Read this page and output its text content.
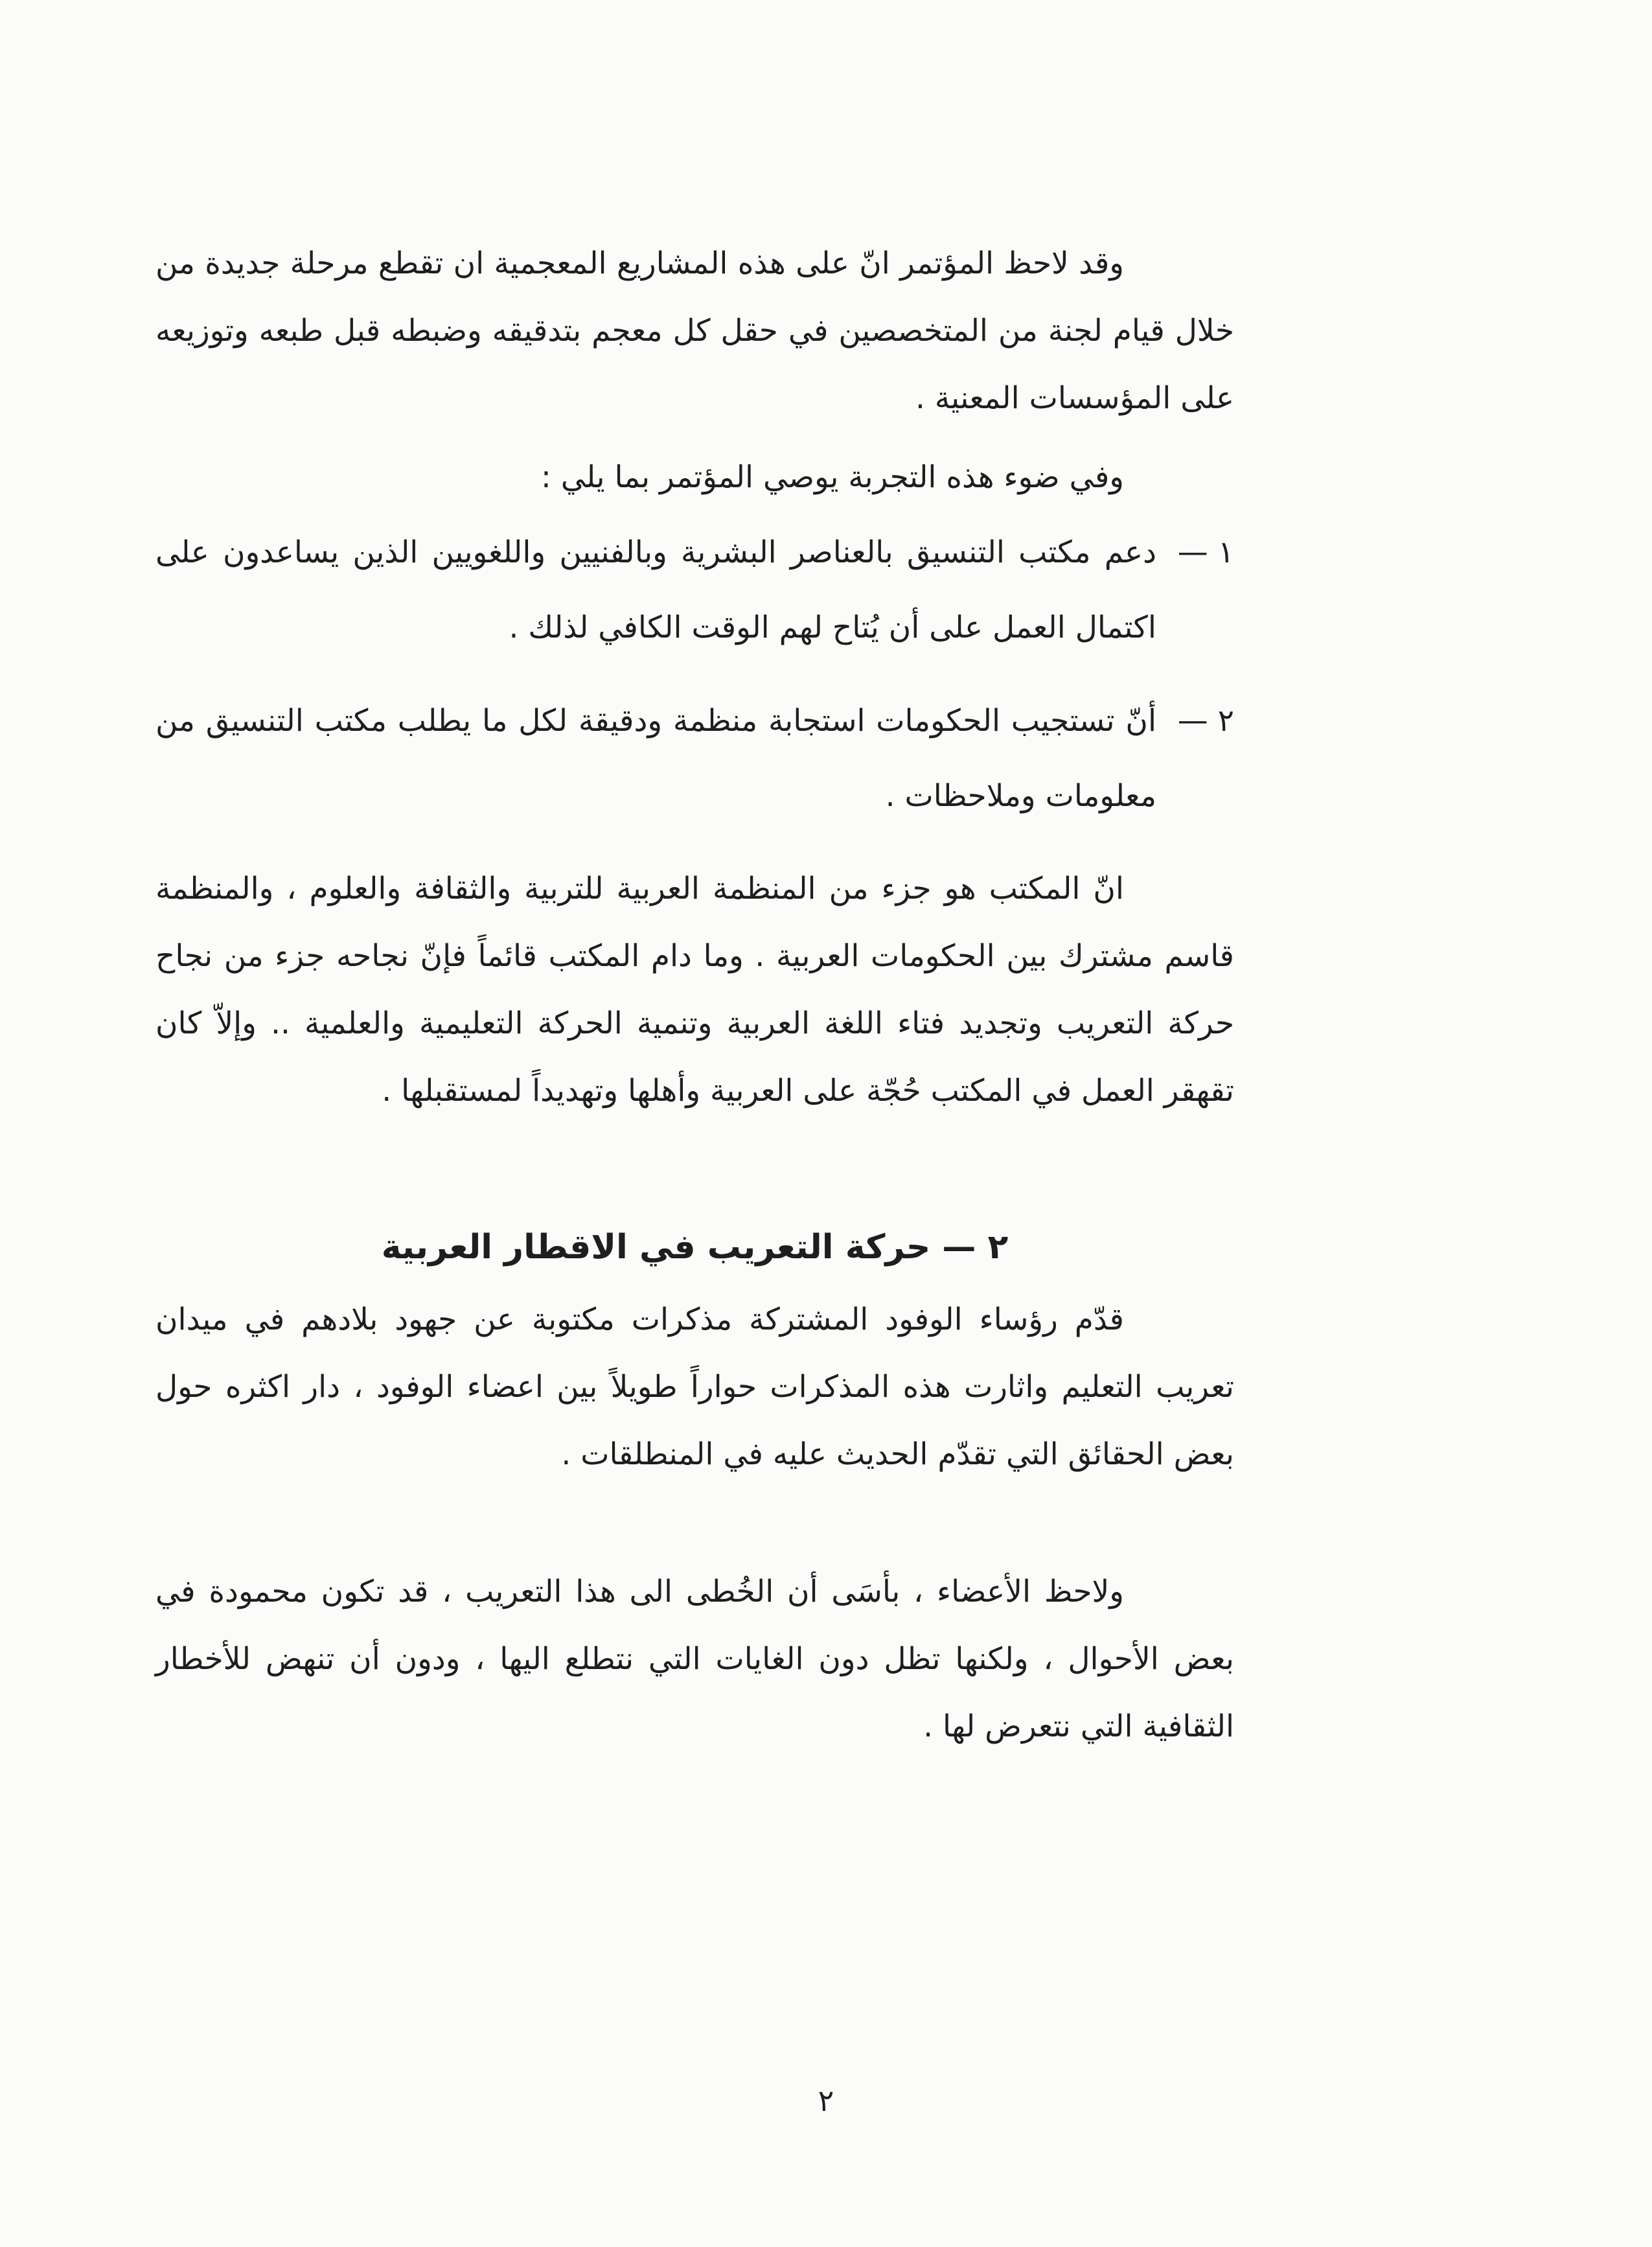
وقد لاحظ المؤتمر انّ على هذه المشاريع المعجمية ان تقطع مرحلة جديدة من خلال قيام لجنة من المتخصصين في حقل كل معجم بتدقيقه وضبطه قبل طبعه وتوزيعه على المؤسسات المعنية .

وفي ضوء هذه التجربة يوصي المؤتمر بما يلي :

١ —

دعم مكتب التنسيق بالعناصر البشرية وبالفنيين واللغويين الذين يساعدون على اكتمال العمل على أن يُتاح لهم الوقت الكافي لذلك .

٢ —

أنّ تستجيب الحكومات استجابة منظمة ودقيقة لكل ما يطلب مكتب التنسيق من معلومات وملاحظات .

انّ المكتب هو جزء من المنظمة العربية للتربية والثقافة والعلوم ، والمنظمة قاسم مشترك بين الحكومات العربية . وما دام المكتب قائماً فإنّ نجاحه جزء من نجاح حركة التعريب وتجديد فتاء اللغة العربية وتنمية الحركة التعليمية والعلمية .. وإلاّ كان تقهقر العمل في المكتب حُجّة على العربية وأهلها وتهديداً لمستقبلها .

٢ — حركة التعريب في الاقطار العربية

قدّم رؤساء الوفود المشتركة مذكرات مكتوبة عن جهود بلادهم في ميدان تعريب التعليم واثارت هذه المذكرات حواراً طويلاً بين اعضاء الوفود ، دار اكثره حول بعض الحقائق التي تقدّم الحديث عليه في المنطلقات .

ولاحظ الأعضاء ، بأسَى أن الخُطى الى هذا التعريب ، قد تكون محمودة في بعض الأحوال ، ولكنها تظل دون الغايات التي نتطلع اليها ، ودون أن تنهض للأخطار الثقافية التي نتعرض لها .

٢
